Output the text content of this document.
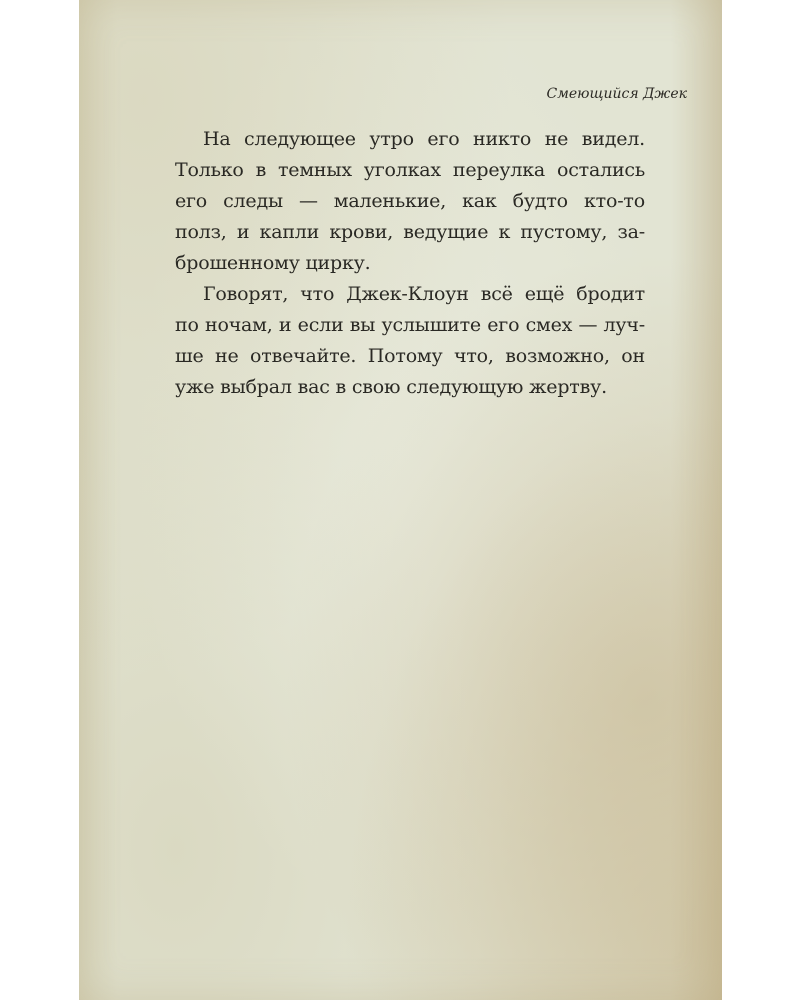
Смеющийся Джек
На следующее утро его никто не видел.
Только в темных уголках переулка остались
его следы — маленькие, как будто кто-то
полз, и капли крови, ведущие к пустому, за-
брошенному цирку.
Говорят, что Джек-Клоун всё ещё бродит
по ночам, и если вы услышите его смех — луч-
ше не отвечайте. Потому что, возможно, он
уже выбрал вас в свою следующую жертву.
